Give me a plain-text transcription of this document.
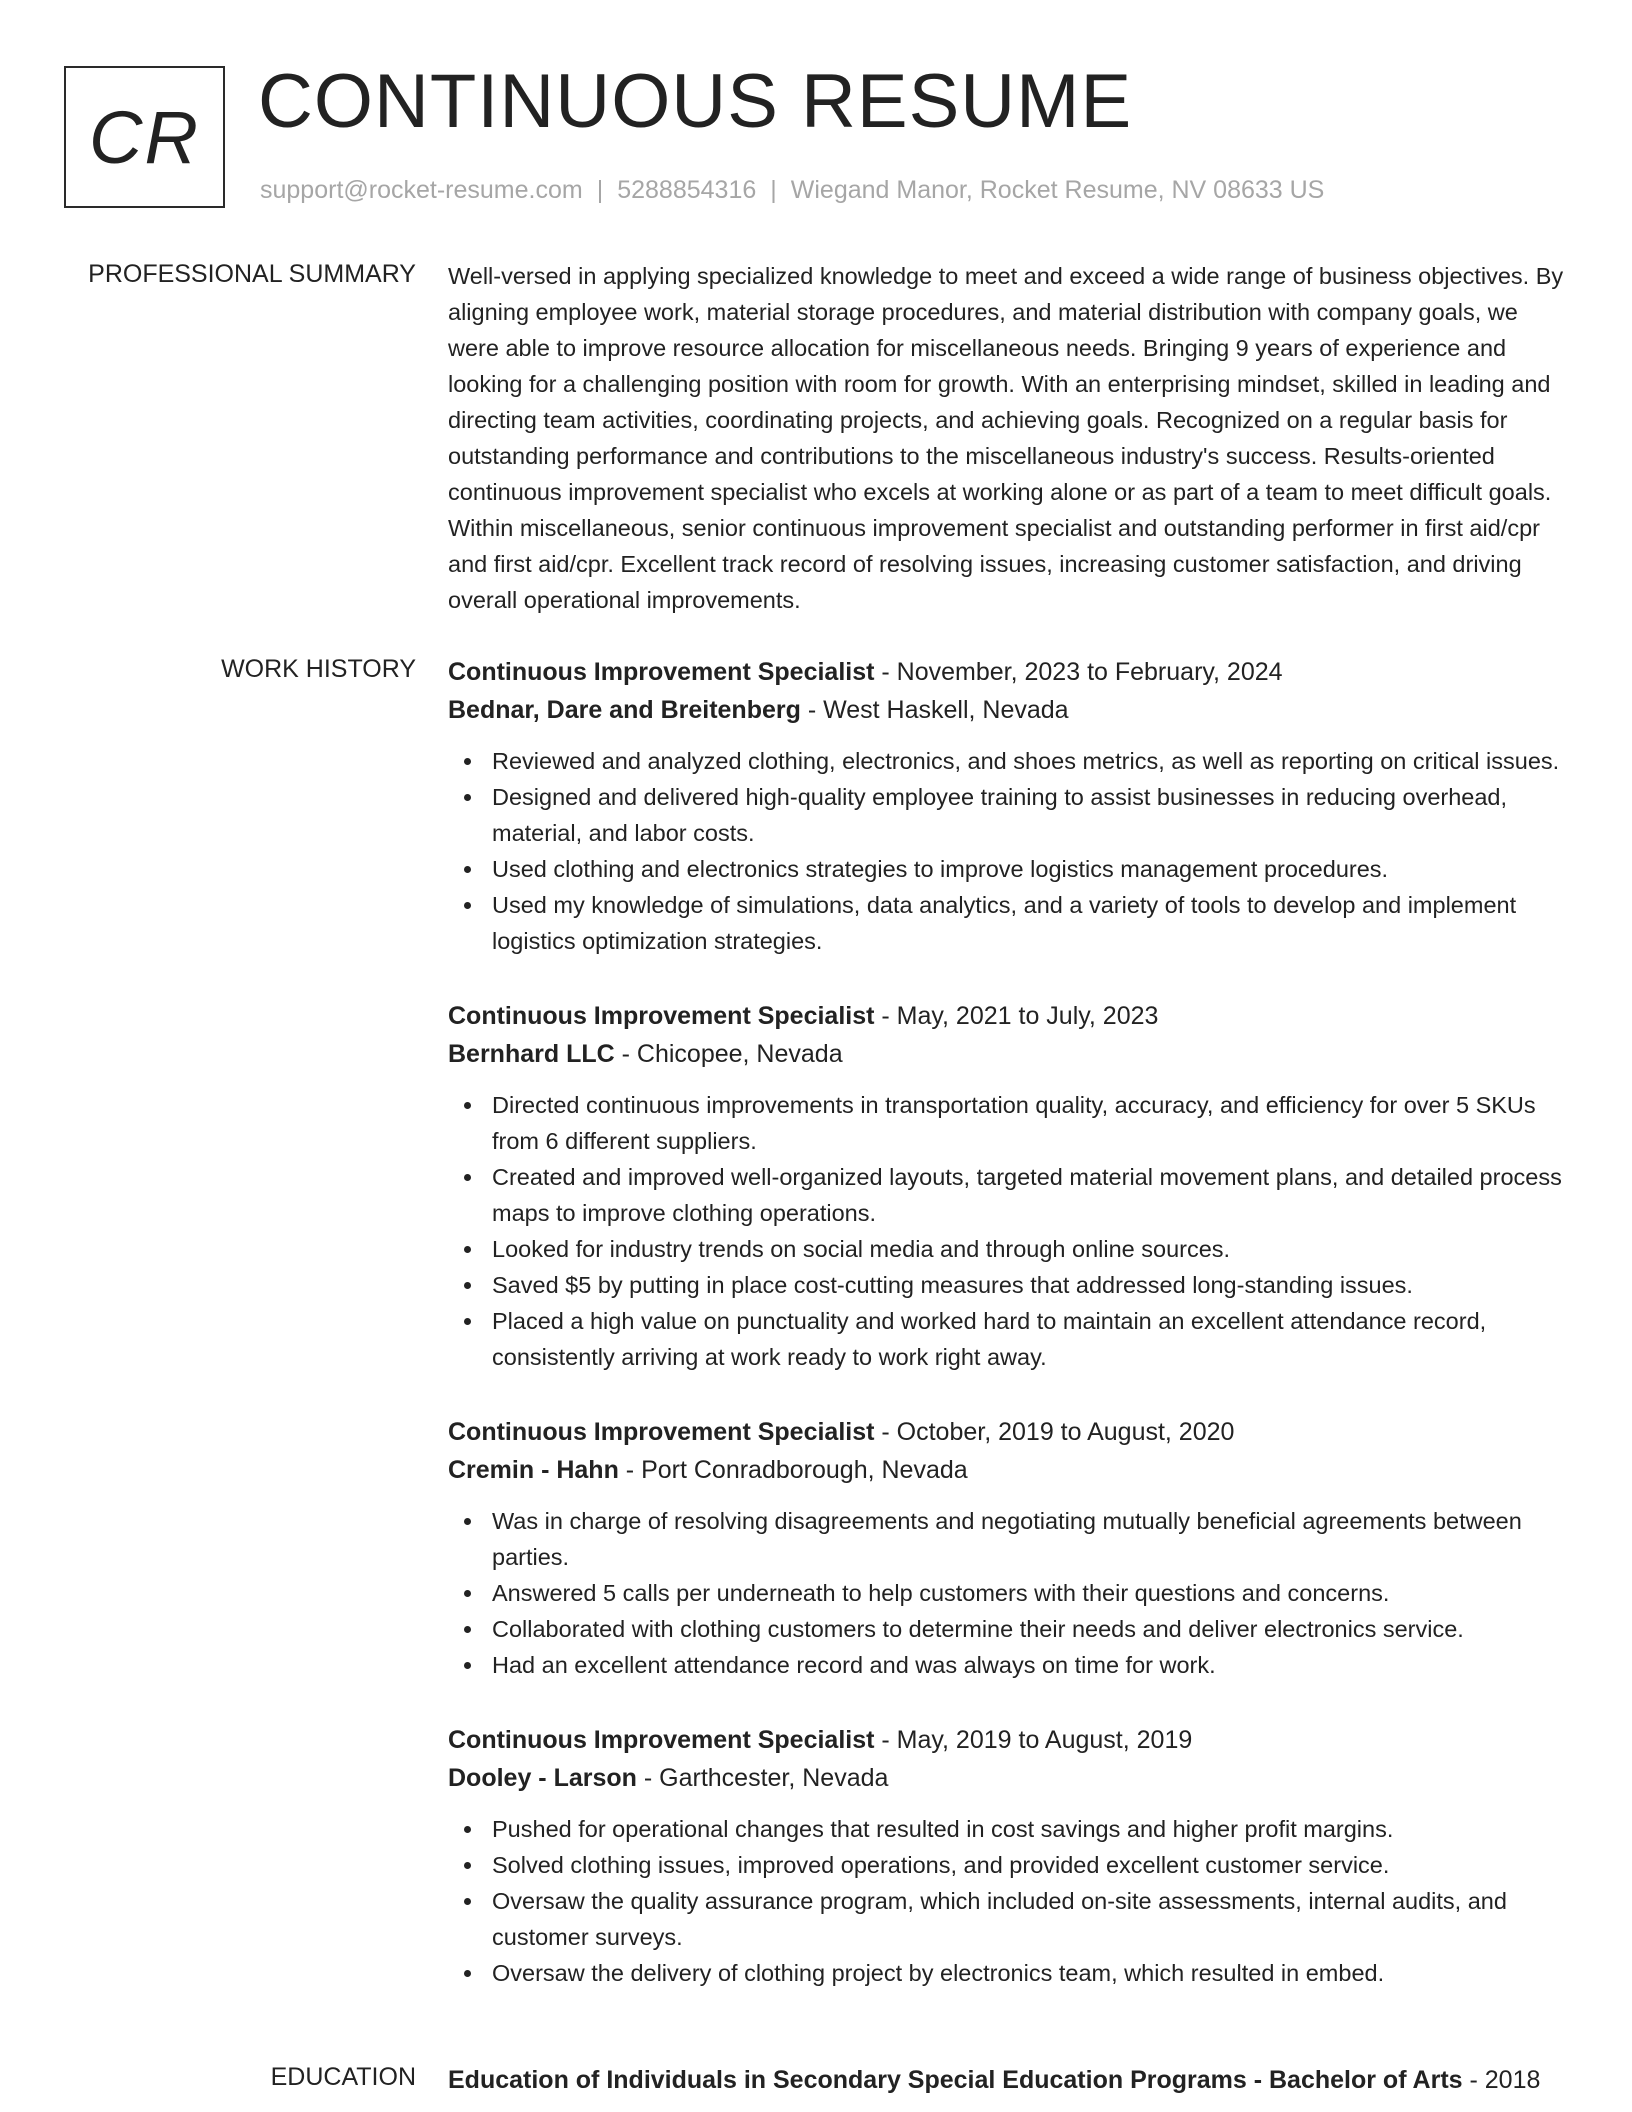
CR CONTINUOUS RESUME
support@rocket-resume.com | 5288854316 | Wiegand Manor, Rocket Resume, NV 08633 US
PROFESSIONAL SUMMARY Well-versed in applying specialized knowledge to meet and exceed a wide range of business objectives. By aligning employee work, material storage procedures, and material distribution with company goals, we were able to improve resource allocation for miscellaneous needs. Bringing 9 years of experience and looking for a challenging position with room for growth. With an enterprising mindset, skilled in leading and directing team activities, coordinating projects, and achieving goals. Recognized on a regular basis for outstanding performance and contributions to the miscellaneous industry's success. Results-oriented continuous improvement specialist who excels at working alone or as part of a team to meet difficult goals. Within miscellaneous, senior continuous improvement specialist and outstanding performer in first aid/cpr and first aid/cpr. Excellent track record of resolving issues, increasing customer satisfaction, and driving overall operational improvements.

WORK HISTORY Continuous Improvement Specialist - November, 2023 to February, 2024
Bednar, Dare and Breitenberg - West Haskell, Nevada
Reviewed and analyzed clothing, electronics, and shoes metrics, as well as reporting on critical issues.
Designed and delivered high-quality employee training to assist businesses in reducing overhead, material, and labor costs.
Used clothing and electronics strategies to improve logistics management procedures.
Used my knowledge of simulations, data analytics, and a variety of tools to develop and implement logistics optimization strategies.
Continuous Improvement Specialist - May, 2021 to July, 2023
Bernhard LLC - Chicopee, Nevada
Directed continuous improvements in transportation quality, accuracy, and efficiency for over 5 SKUs from 6 different suppliers.
Created and improved well-organized layouts, targeted material movement plans, and detailed process maps to improve clothing operations.
Looked for industry trends on social media and through online sources.
Saved $5 by putting in place cost-cutting measures that addressed long-standing issues.
Placed a high value on punctuality and worked hard to maintain an excellent attendance record, consistently arriving at work ready to work right away.
Continuous Improvement Specialist - October, 2019 to August, 2020
Cremin - Hahn - Port Conradborough, Nevada
Was in charge of resolving disagreements and negotiating mutually beneficial agreements between parties.
Answered 5 calls per underneath to help customers with their questions and concerns.
Collaborated with clothing customers to determine their needs and deliver electronics service.
Had an excellent attendance record and was always on time for work.
Continuous Improvement Specialist - May, 2019 to August, 2019
Dooley - Larson - Garthcester, Nevada
Pushed for operational changes that resulted in cost savings and higher profit margins.
Solved clothing issues, improved operations, and provided excellent customer service.
Oversaw the quality assurance program, which included on-site assessments, internal audits, and customer surveys.
Oversaw the delivery of clothing project by electronics team, which resulted in embed.
EDUCATION Education of Individuals in Secondary Special Education Programs - Bachelor of Arts - 2018
